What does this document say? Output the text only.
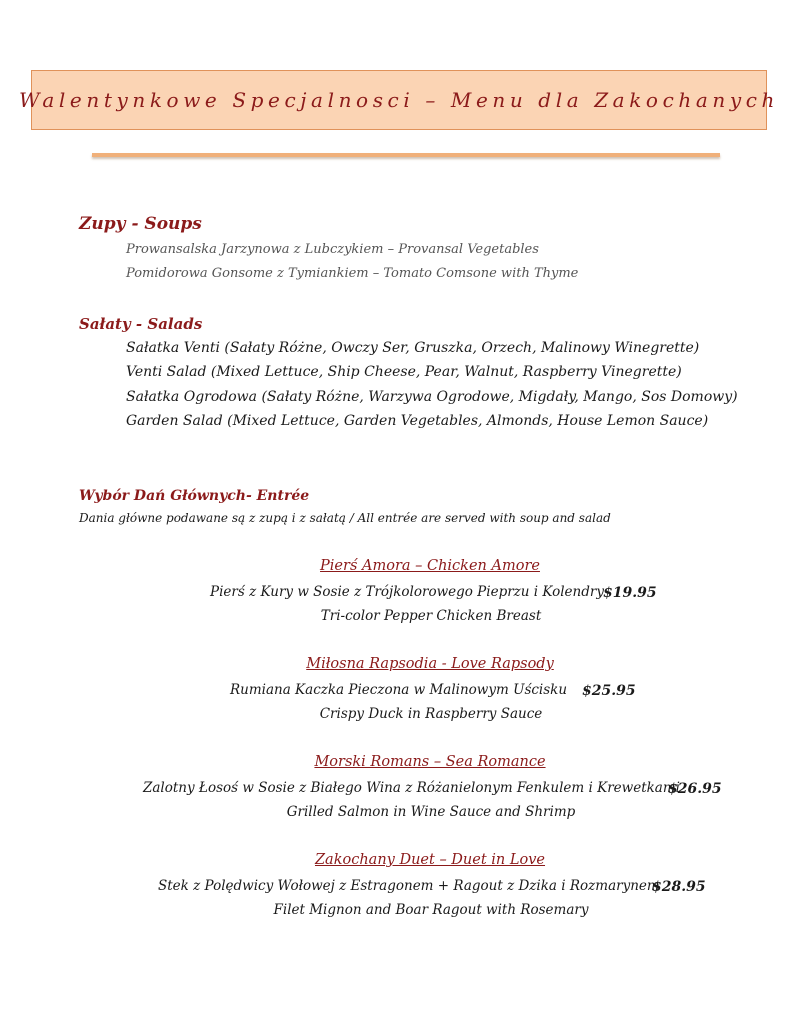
Walentynkowe Specjalnosci – Menu dla Zakochanych
Zupy - Soups
Prowansalska Jarzynowa z Lubczykiem – Provansal Vegetables
Pomidorowa Gonsome z Tymiankiem – Tomato Comsone with Thyme
Sałaty - Salads
Sałatka Venti (Sałaty Różne, Owczy Ser, Gruszka, Orzech, Malinowy Winegrette)
Venti Salad (Mixed Lettuce, Ship Cheese, Pear, Walnut, Raspberry Vinegrette)
Sałatka Ogrodowa (Sałaty Różne, Warzywa Ogrodowe, Migdały, Mango, Sos Domowy)
Garden Salad (Mixed Lettuce, Garden Vegetables, Almonds, House Lemon Sauce)
Wybór Dań Głównych- Entrée
Dania główne podawane są z zupą i z sałatą / All entrée are served with soup and salad
Pierś Amora – Chicken Amore
Pierś z Kury w Sosie z Trójkolorowego Pieprzu i Kolendry $19.95
Tri-color Pepper Chicken Breast
Miłosna Rapsodia - Love Rapsody
Rumiana Kaczka Pieczona w Malinowym Uścisku $25.95
Crispy Duck in Raspberry Sauce
Morski Romans – Sea Romance
Zalotny Łosoś w Sosie z Białego Wina z Różanielonym Fenkulem i Krewetkami
$26.95
Grilled Salmon in Wine Sauce and Shrimp
Zakochany Duet – Duet in Love
Stek z Polędwicy Wołowej z Estragonem + Ragout z Dzika i Rozmarynem
$28.95
Filet Mignon and Boar Ragout with Rosemary
